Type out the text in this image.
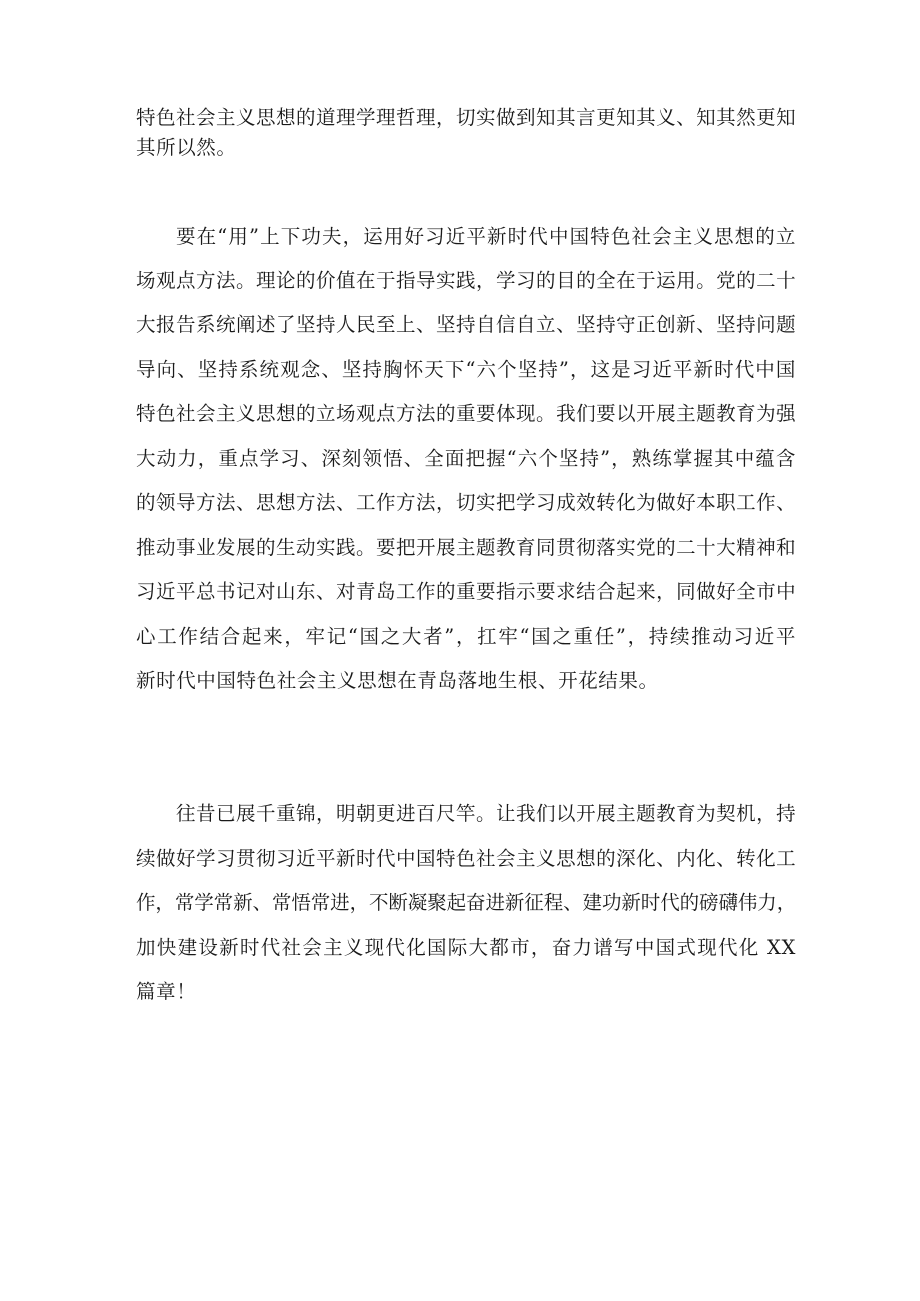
特色社会主义思想的道理学理哲理，切实做到知其言更知其义、知其然更知
其所以然。
要在“用”上下功夫，运用好习近平新时代中国特色社会主义思想的立
场观点方法。理论的价值在于指导实践，学习的目的全在于运用。党的二十
大报告系统阐述了坚持人民至上、坚持自信自立、坚持守正创新、坚持问题
导向、坚持系统观念、坚持胸怀天下“六个坚持”，这是习近平新时代中国
特色社会主义思想的立场观点方法的重要体现。我们要以开展主题教育为强
大动力，重点学习、深刻领悟、全面把握“六个坚持”，熟练掌握其中蕴含
的领导方法、思想方法、工作方法，切实把学习成效转化为做好本职工作、
推动事业发展的生动实践。要把开展主题教育同贯彻落实党的二十大精神和
习近平总书记对山东、对青岛工作的重要指示要求结合起来，同做好全市中
心工作结合起来，牢记“国之大者”，扛牢“国之重任”，持续推动习近平
新时代中国特色社会主义思想在青岛落地生根、开花结果。
往昔已展千重锦，明朝更进百尺竿。让我们以开展主题教育为契机，持
续做好学习贯彻习近平新时代中国特色社会主义思想的深化、内化、转化工
作，常学常新、常悟常进，不断凝聚起奋进新征程、建功新时代的磅礴伟力，
加快建设新时代社会主义现代化国际大都市，奋力谱写中国式现代化 XX
篇章！
